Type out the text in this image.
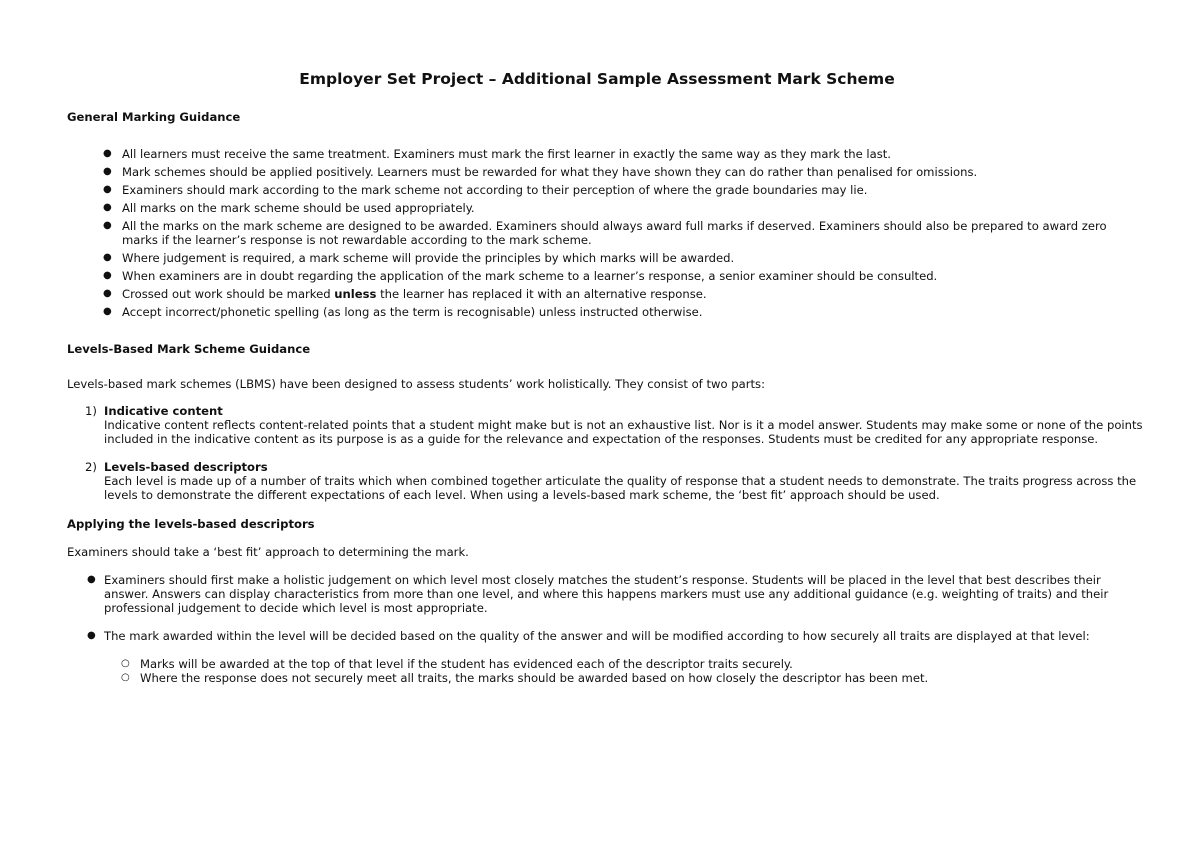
Employer Set Project – Additional Sample Assessment Mark Scheme
General Marking Guidance
● All learners must receive the same treatment. Examiners must mark the first learner in exactly the same way as they mark the last.
● Mark schemes should be applied positively. Learners must be rewarded for what they have shown they can do rather than penalised for omissions.
● Examiners should mark according to the mark scheme not according to their perception of where the grade boundaries may lie.
● All marks on the mark scheme should be used appropriately.
● All the marks on the mark scheme are designed to be awarded. Examiners should always award full marks if deserved. Examiners should also be prepared to award zero marks if the learner’s response is not rewardable according to the mark scheme.
● Where judgement is required, a mark scheme will provide the principles by which marks will be awarded.
● When examiners are in doubt regarding the application of the mark scheme to a learner’s response, a senior examiner should be consulted.
● Crossed out work should be marked unless the learner has replaced it with an alternative response.
● Accept incorrect/phonetic spelling (as long as the term is recognisable) unless instructed otherwise.
Levels-Based Mark Scheme Guidance

Levels-based mark schemes (LBMS) have been designed to assess students’ work holistically. They consist of two parts:

1) Indicative content
Indicative content reflects content-related points that a student might make but is not an exhaustive list. Nor is it a model answer. Students may make some or none of the points included in the indicative content as its purpose is as a guide for the relevance and expectation of the responses. Students must be credited for any appropriate response.
2) Levels-based descriptors
Each level is made up of a number of traits which when combined together articulate the quality of response that a student needs to demonstrate. The traits progress across the levels to demonstrate the different expectations of each level. When using a levels-based mark scheme, the ‘best fit’ approach should be used.
Applying the levels-based descriptors

Examiners should take a ‘best fit’ approach to determining the mark.

● Examiners should first make a holistic judgement on which level most closely matches the student’s response. Students will be placed in the level that best describes their answer. Answers can display characteristics from more than one level, and where this happens markers must use any additional guidance (e.g. weighting of traits) and their professional judgement to decide which level is most appropriate.
● The mark awarded within the level will be decided based on the quality of the answer and will be modified according to how securely all traits are displayed at that level:
○ Marks will be awarded at the top of that level if the student has evidenced each of the descriptor traits securely.
○ Where the response does not securely meet all traits, the marks should be awarded based on how closely the descriptor has been met.
